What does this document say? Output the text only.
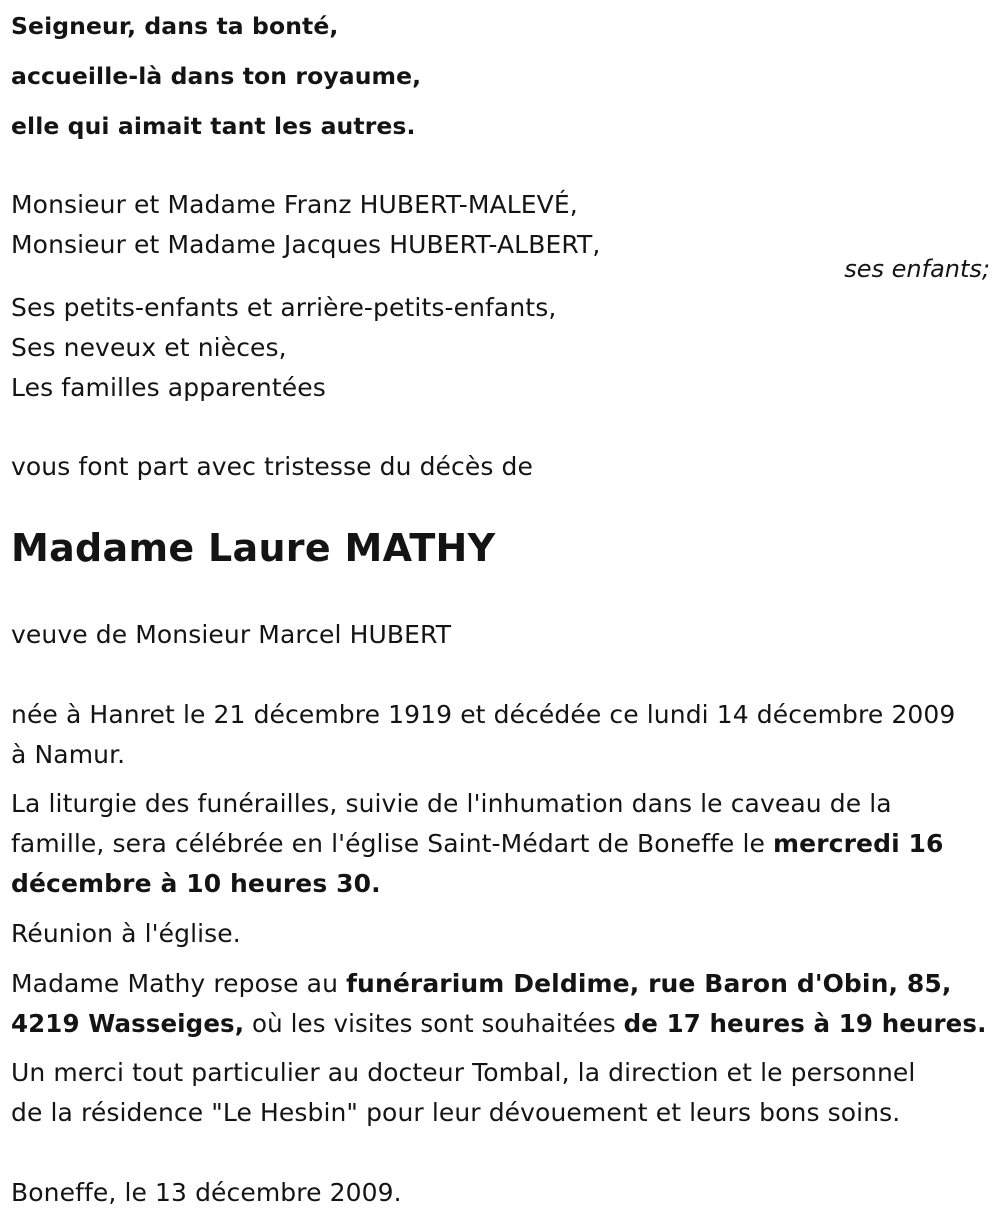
Seigneur, dans ta bonté,
accueille-là dans ton royaume,
elle qui aimait tant les autres.
Monsieur et Madame Franz HUBERT-MALEVÉ,
Monsieur et Madame Jacques HUBERT-ALBERT,
ses enfants;
Ses petits-enfants et arrière-petits-enfants,
Ses neveux et nièces,
Les familles apparentées
vous font part avec tristesse du décès de
Madame Laure MATHY
veuve de Monsieur Marcel HUBERT
née à Hanret le 21 décembre 1919 et décédée ce lundi 14 décembre 2009
à Namur.
La liturgie des funérailles, suivie de l'inhumation dans le caveau de la
famille, sera célébrée en l'église Saint-Médart de Boneffe le mercredi 16
décembre à 10 heures 30.
Réunion à l'église.
Madame Mathy repose au funérarium Deldime, rue Baron d'Obin, 85,
4219 Wasseiges, où les visites sont souhaitées de 17 heures à 19 heures.
Un merci tout particulier au docteur Tombal, la direction et le personnel
de la résidence "Le Hesbin" pour leur dévouement et leurs bons soins.
Boneffe, le 13 décembre 2009.
